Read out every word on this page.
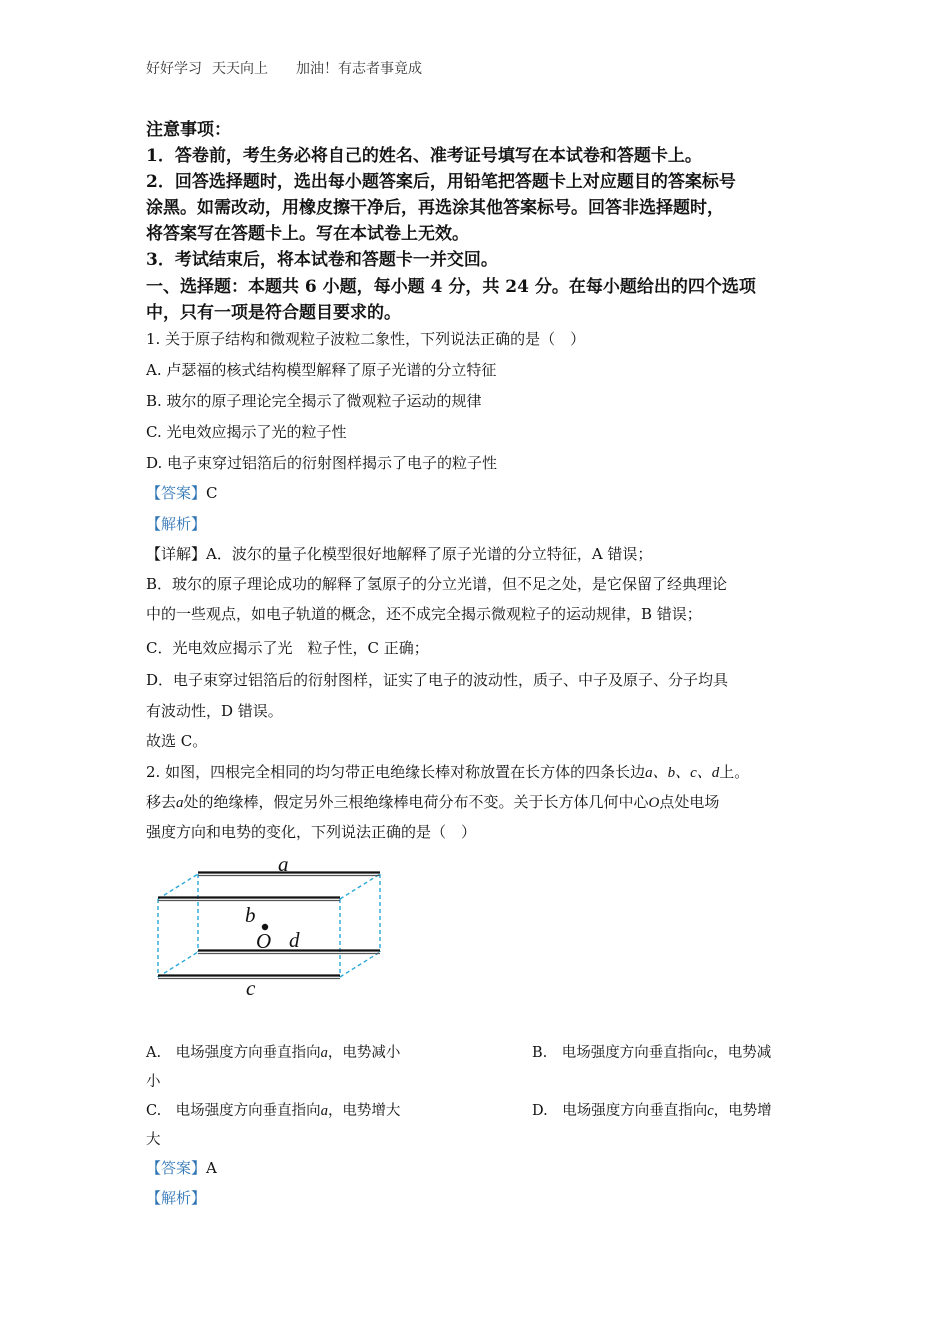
好好学习 天天向上 加油！有志者事竟成
注意事项：
1．答卷前，考生务必将自己的姓名、准考证号填写在本试卷和答题卡上。
2．回答选择题时，选出每小题答案后，用铅笔把答题卡上对应题目的答案标号
涂黑。如需改动，用橡皮擦干净后，再选涂其他答案标号。回答非选择题时，
将答案写在答题卡上。写在本试卷上无效。
3．考试结束后，将本试卷和答题卡一并交回。
一、选择题：本题共 6 小题，每小题 4 分，共 24 分。在每小题给出的四个选项
中，只有一项是符合题目要求的。
1. 关于原子结构和微观粒子波粒二象性，下列说法正确的是（　）
A. 卢瑟福的核式结构模型解释了原子光谱的分立特征
B. 玻尔的原子理论完全揭示了微观粒子运动的规律
C. 光电效应揭示了光的粒子性
D. 电子束穿过铝箔后的衍射图样揭示了电子的粒子性
【答案】C
【解析】
【详解】A．波尔的量子化模型很好地解释了原子光谱的分立特征，A 错误；
B．玻尔的原子理论成功的解释了氢原子的分立光谱，但不足之处，是它保留了经典理论
中的一些观点，如电子轨道的概念，还不成完全揭示微观粒子的运动规律，B 错误；
C．光电效应揭示了光　粒子性，C 正确；
D．电子束穿过铝箔后的衍射图样，证实了电子的波动性，质子、中子及原子、分子均具
有波动性，D 错误。
故选 C。
2. 如图，四根完全相同的均匀带正电绝缘长棒对称放置在长方体的四条长边a、b、c、d上。
移去a处的绝缘棒，假定另外三根绝缘棒电荷分布不变。关于长方体几何中心O点处电场
强度方向和电势的变化，下列说法正确的是（　）
a
b
O d
c
A.　电场强度方向垂直指向a，电势减小	B.　电场强度方向垂直指向c，电势减
小
C.　电场强度方向垂直指向a，电势增大	D.　电场强度方向垂直指向c，电势增
大
【答案】A
【解析】
